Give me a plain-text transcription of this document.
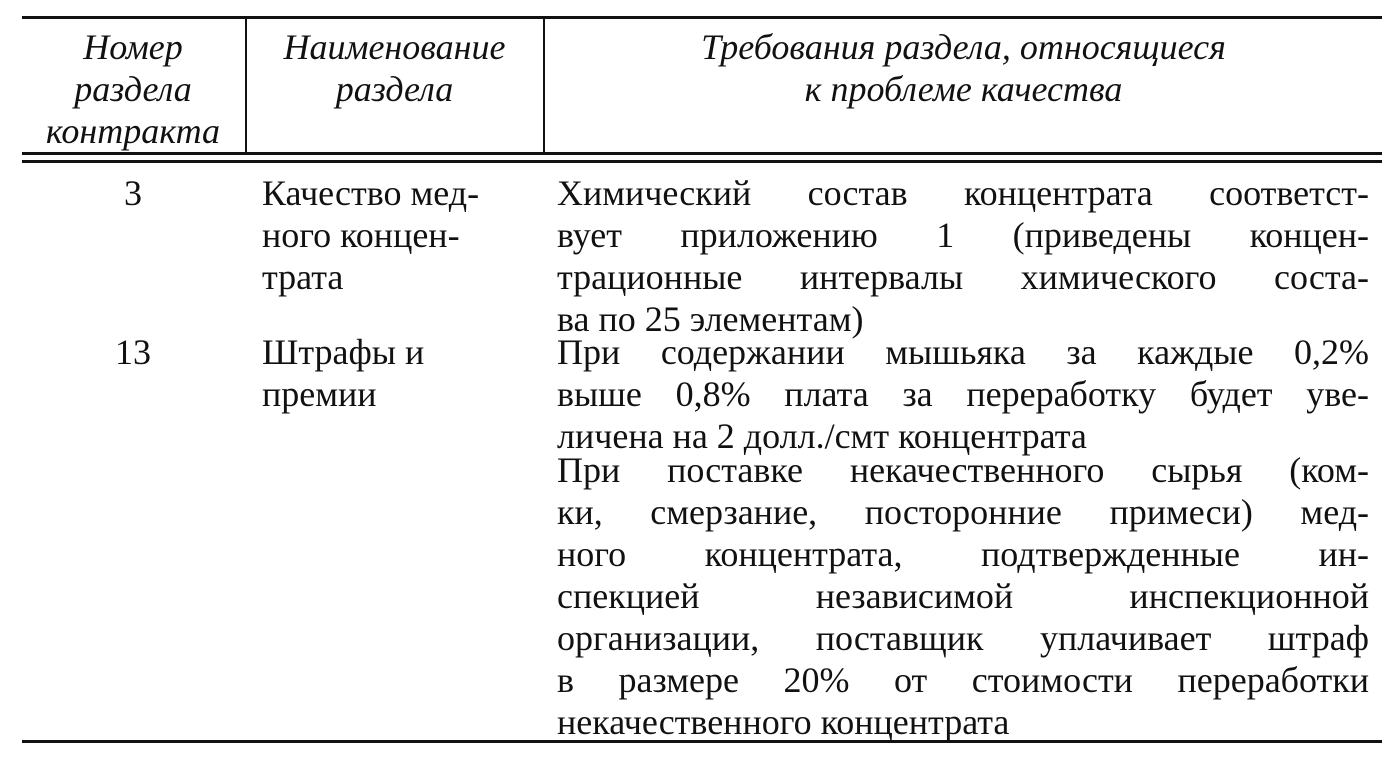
Номер
раздела
контракта
Наименование
раздела
Требования раздела, относящиеся
к проблеме качества
3	Качество мед-
ного концен-
трата
Химический состав концентрата соответст-
вует приложению 1 (приведены концен-
трационные интервалы химического соста-
ва по 25 элементам)
13	Штрафы и
премии
При содержании мышьяка за каждые 0,2%
выше 0,8% плата за переработку будет уве-
личена на 2 долл./смт концентрата
При поставке некачественного сырья (ком-
ки, смерзание, посторонние примеси) мед-
ного концентрата, подтвержденные ин-
спекцией независимой инспекционной
организации, поставщик уплачивает штраф
в размере 20% от стоимости переработки
некачественного концентрата
